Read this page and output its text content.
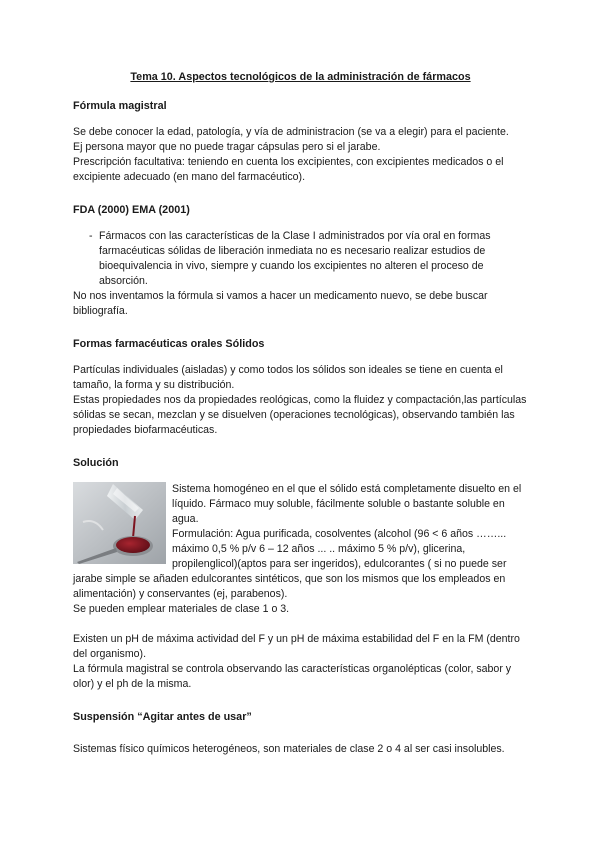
Tema 10. Aspectos tecnológicos de la administración de fármacos
Fórmula magistral

Se debe conocer la edad, patología, y vía de administracion (se va a elegir) para el paciente.

Ej persona mayor que no puede tragar cápsulas pero si el jarabe.

Prescripción facultativa: teniendo en cuenta los excipientes, con excipientes medicados o el excipiente adecuado (en mano del farmacéutico).

FDA (2000) EMA (2001)
- Fármacos con las características de la Clase I administrados por vía oral en formas farmacéuticas sólidas de liberación inmediata no es necesario realizar estudios de bioequivalencia in vivo, siempre y cuando los excipientes no alteren el proceso de absorción.

No nos inventamos la fórmula si vamos a hacer un medicamento nuevo, se debe buscar bibliografía.

Formas farmacéuticas orales Sólidos

Partículas individuales (aisladas) y como todos los sólidos son ideales se tiene en cuenta el tamaño, la forma y su distribución.

Estas propiedades nos da propiedades reológicas, como la fluidez y compactación,las partículas sólidas se secan, mezclan y se disuelven (operaciones tecnológicas), observando también las propiedades biofarmacéuticas.

Solución

Sistema homogéneo en el que el sólido está completamente disuelto en el líquido. Fármaco muy soluble, fácilmente soluble o bastante soluble en agua.

Formulación: Agua purificada, cosolventes (alcohol (96 < 6 años ……... máximo 0,5 % p/v 6 – 12 años ... .. máximo 5 % p/v), glicerina, propilenglicol)(aptos para ser ingeridos), edulcorantes ( si no puede ser jarabe simple se añaden edulcorantes sintéticos, que son los mismos que los empleados en alimentación) y conservantes (ej, parabenos).

Se pueden emplear materiales de clase 1 o 3.

Existen un pH de máxima actividad del F y un pH de máxima estabilidad del F en la FM (dentro del organismo).

La fórmula magistral se controla observando las características organolépticas (color, sabor y olor) y el ph de la misma.

Suspensión “Agitar antes de usar”

Sistemas físico químicos heterogéneos, son materiales de clase 2 o 4 al ser casi insolubles.
